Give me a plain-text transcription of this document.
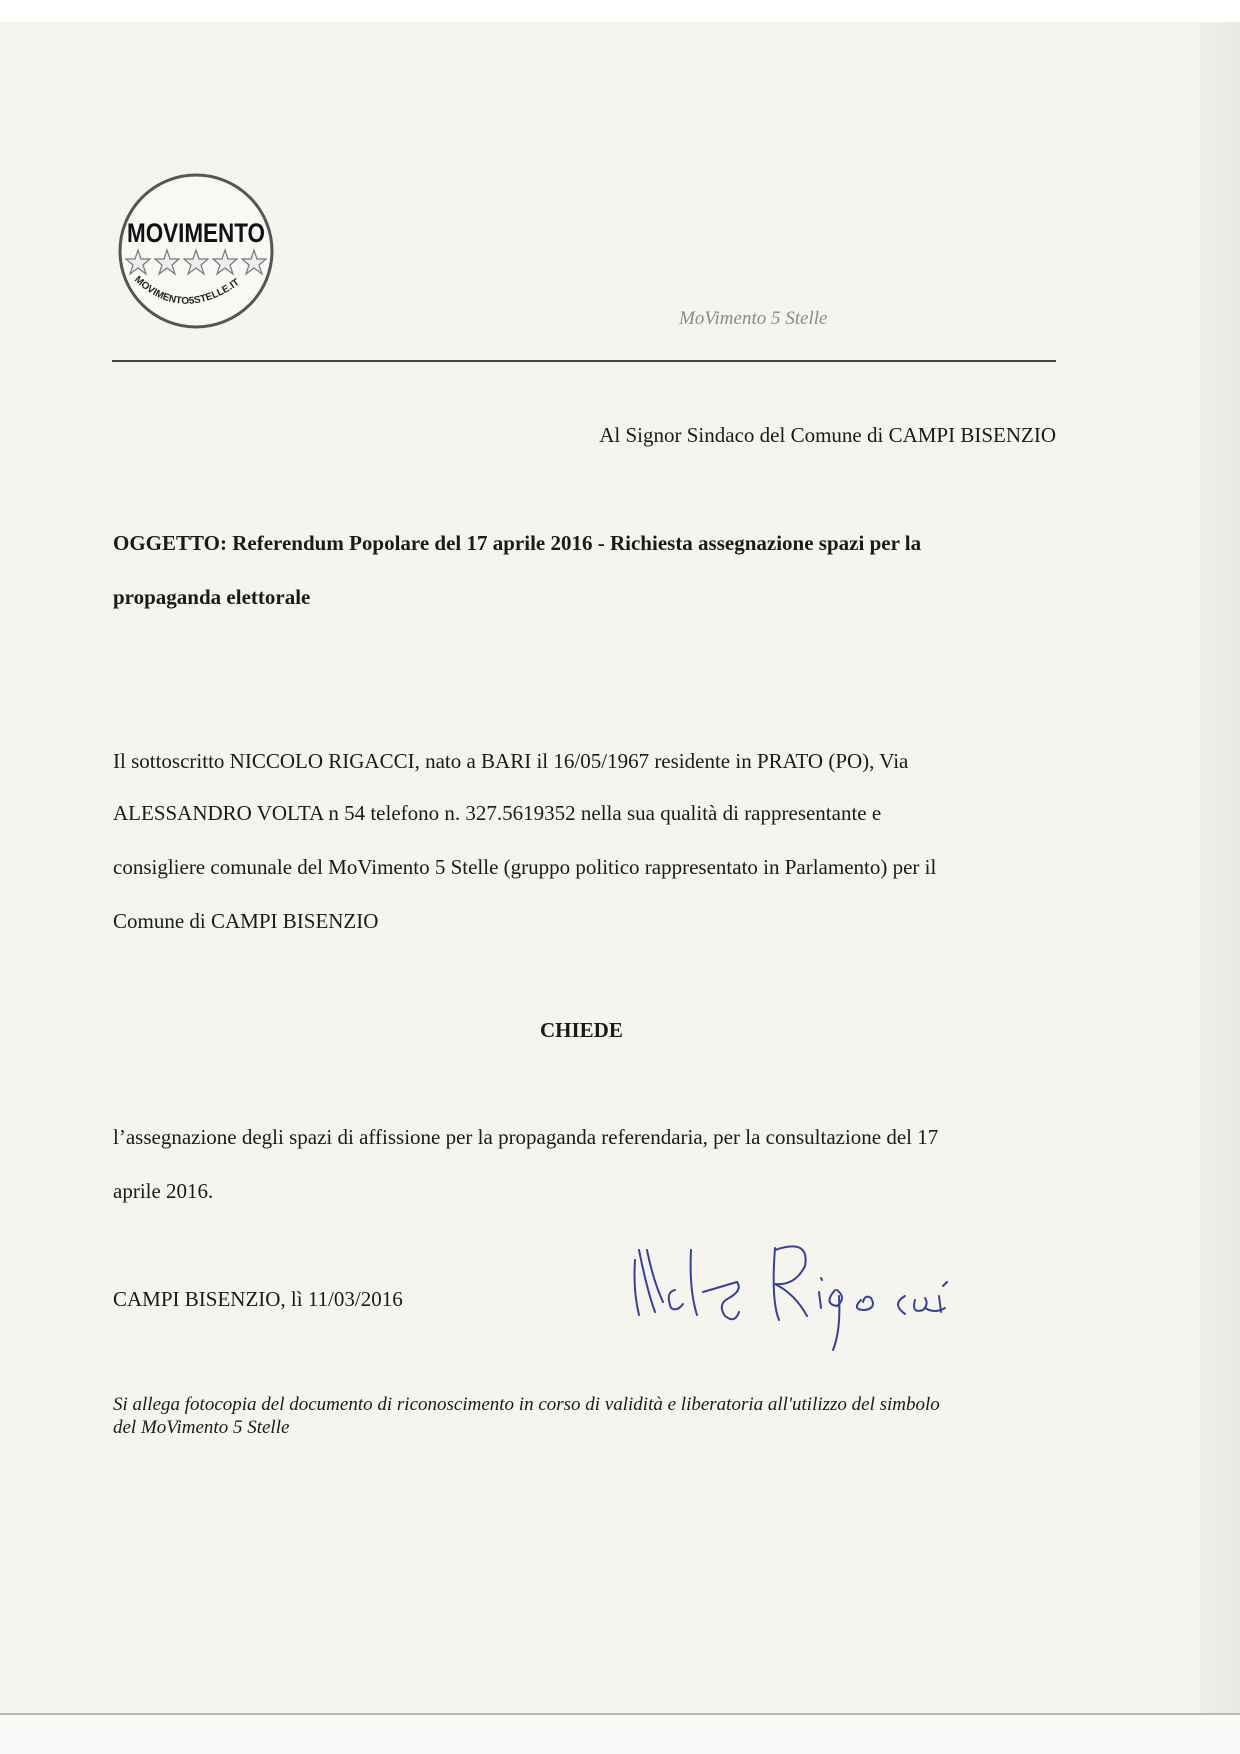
MOVIMENTO
MOVIMENTO5STELLE.IT
MoVimento 5 Stelle
Al Signor Sindaco del Comune di CAMPI BISENZIO
OGGETTO: Referendum Popolare del 17 aprile 2016 - Richiesta assegnazione spazi per la
propaganda elettorale
Il sottoscritto NICCOLO RIGACCI, nato a BARI il 16/05/1967 residente in PRATO (PO), Via
ALESSANDRO VOLTA n 54 telefono n. 327.5619352 nella sua qualità di rappresentante e
consigliere comunale del MoVimento 5 Stelle (gruppo politico rappresentato in Parlamento) per il
Comune di CAMPI BISENZIO
CHIEDE
l’assegnazione degli spazi di affissione per la propaganda referendaria, per la consultazione del 17
aprile 2016.
CAMPI BISENZIO, lì 11/03/2016
Si allega fotocopia del documento di riconoscimento in corso di validità e liberatoria all'utilizzo del simbolo
del MoVimento 5 Stelle
